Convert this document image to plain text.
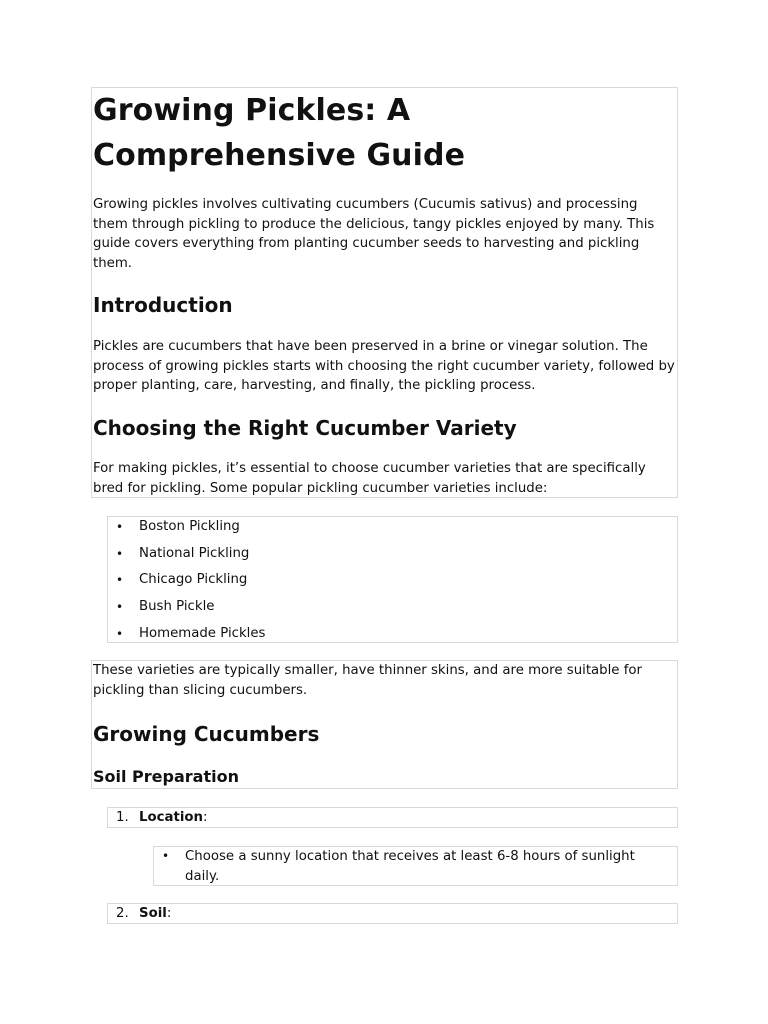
Growing Pickles: A Comprehensive Guide

Growing pickles involves cultivating cucumbers (Cucumis sativus) and processing them through pickling to produce the delicious, tangy pickles enjoyed by many. This guide covers everything from planting cucumber seeds to harvesting and pickling them.

Introduction

Pickles are cucumbers that have been preserved in a brine or vinegar solution. The process of growing pickles starts with choosing the right cucumber variety, followed by proper planting, care, harvesting, and finally, the pickling process.

Choosing the Right Cucumber Variety

For making pickles, it’s essential to choose cucumber varieties that are specifically bred for pickling. Some popular pickling cucumber varieties include:

• Boston Pickling
• National Pickling
• Chicago Pickling
• Bush Pickle
• Homemade Pickles

These varieties are typically smaller, have thinner skins, and are more suitable for pickling than slicing cucumbers.

Growing Cucumbers
Soil Preparation
1. Location:
• Choose a sunny location that receives at least 6-8 hours of sunlight daily.
2. Soil:
